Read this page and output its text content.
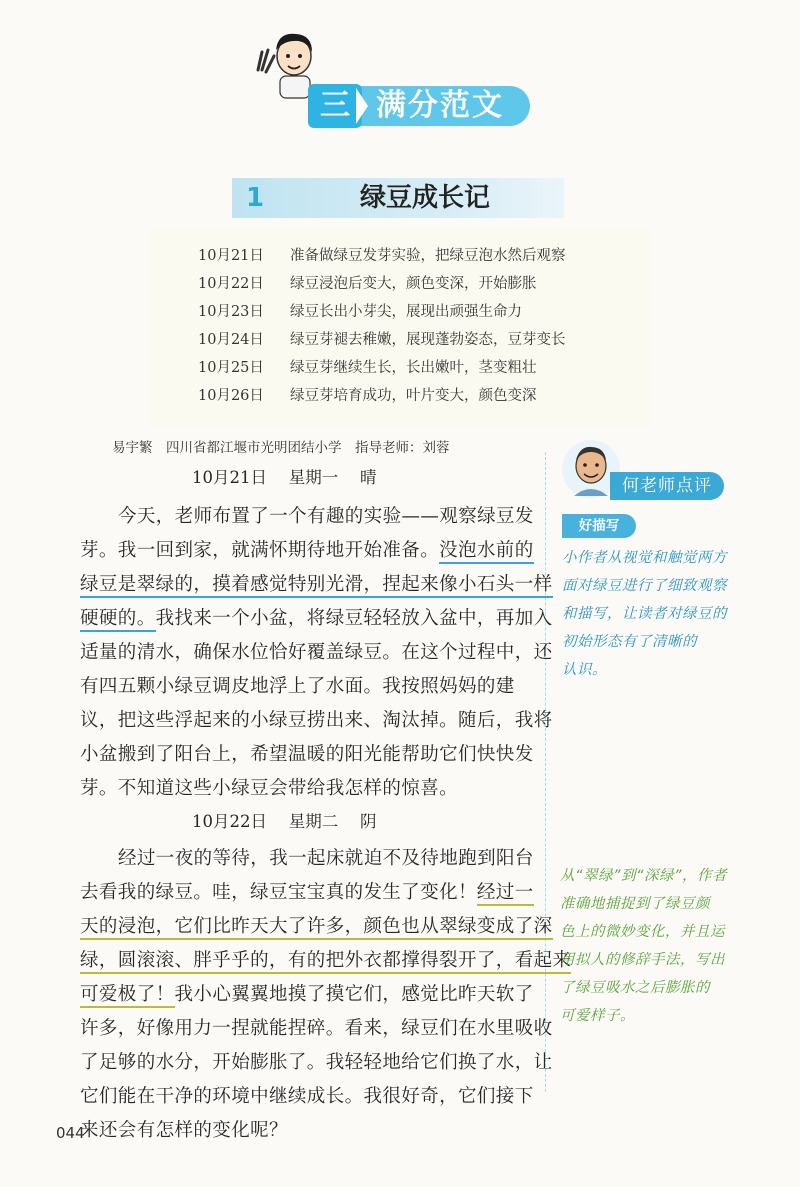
三 满分范文
1	绿豆成长记
10月21日	准备做绿豆发芽实验，把绿豆泡水然后观察
10月22日	绿豆浸泡后变大，颜色变深，开始膨胀
10月23日	绿豆长出小芽尖，展现出顽强生命力
10月24日	绿豆芽褪去稚嫩，展现蓬勃姿态，豆芽变长
10月25日	绿豆芽继续生长，长出嫩叶，茎变粗壮
10月26日	绿豆芽培育成功，叶片变大，颜色变深
易宇繁　四川省都江堰市光明团结小学　指导老师：刘蓉
10月21日　 星期一　 晴
今天，老师布置了一个有趣的实验——观察绿豆发
芽。我一回到家，就满怀期待地开始准备。没泡水前的
绿豆是翠绿的，摸着感觉特别光滑，捏起来像小石头一样
硬硬的。我找来一个小盆，将绿豆轻轻放入盆中，再加入
适量的清水，确保水位恰好覆盖绿豆。在这个过程中，还
有四五颗小绿豆调皮地浮上了水面。我按照妈妈的建
议，把这些浮起来的小绿豆捞出来、淘汰掉。随后，我将
小盆搬到了阳台上，希望温暖的阳光能帮助它们快快发
芽。不知道这些小绿豆会带给我怎样的惊喜。
10月22日　 星期二　 阴
经过一夜的等待，我一起床就迫不及待地跑到阳台
去看我的绿豆。哇，绿豆宝宝真的发生了变化！经过一
天的浸泡，它们比昨天大了许多，颜色也从翠绿变成了深
绿，圆滚滚、胖乎乎的，有的把外衣都撑得裂开了，看起来
可爱极了！我小心翼翼地摸了摸它们，感觉比昨天软了
许多，好像用力一捏就能捏碎。看来，绿豆们在水里吸收
了足够的水分，开始膨胀了。我轻轻地给它们换了水，让
它们能在干净的环境中继续成长。我很好奇，它们接下
来还会有怎样的变化呢？
何老师点评
好描写
小作者从视觉和触觉两方
面对绿豆进行了细致观察
和描写，让读者对绿豆的
初始形态有了清晰的
认识。
从“翠绿”到“深绿”，作者
准确地捕捉到了绿豆颜
色上的微妙变化，并且运
用拟人的修辞手法，写出
了绿豆吸水之后膨胀的
可爱样子。
044
